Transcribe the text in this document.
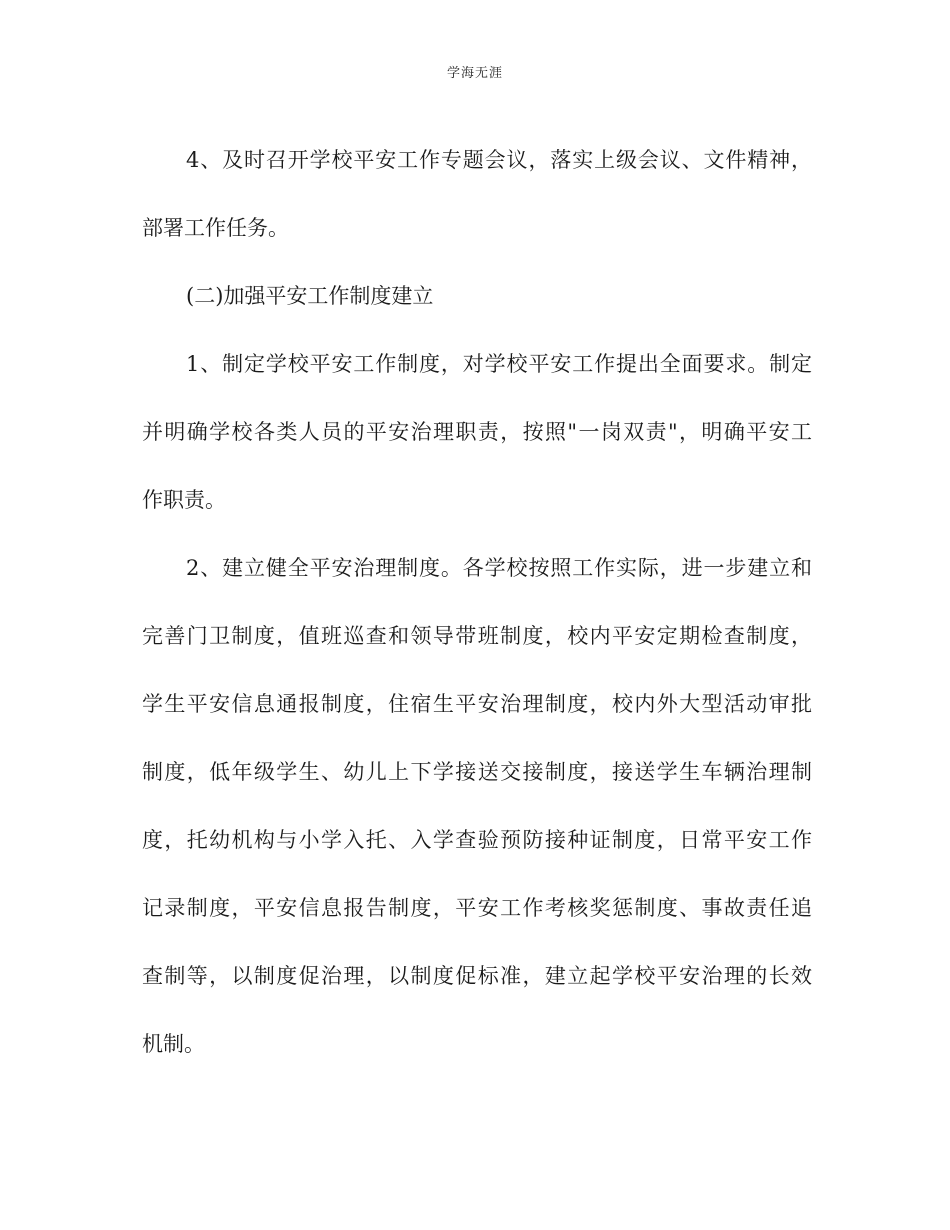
学海无涯
4、及时召开学校平安工作专题会议，落实上级会议、文件精神，
部署工作任务。
(二)加强平安工作制度建立
1、制定学校平安工作制度，对学校平安工作提出全面要求。制定
并明确学校各类人员的平安治理职责，按照"一岗双责"，明确平安工
作职责。
2、建立健全平安治理制度。各学校按照工作实际，进一步建立和
完善门卫制度，值班巡查和领导带班制度，校内平安定期检查制度，
学生平安信息通报制度，住宿生平安治理制度，校内外大型活动审批
制度，低年级学生、幼儿上下学接送交接制度，接送学生车辆治理制
度，托幼机构与小学入托、入学查验预防接种证制度，日常平安工作
记录制度，平安信息报告制度，平安工作考核奖惩制度、事故责任追
查制等，以制度促治理，以制度促标准，建立起学校平安治理的长效
机制。
